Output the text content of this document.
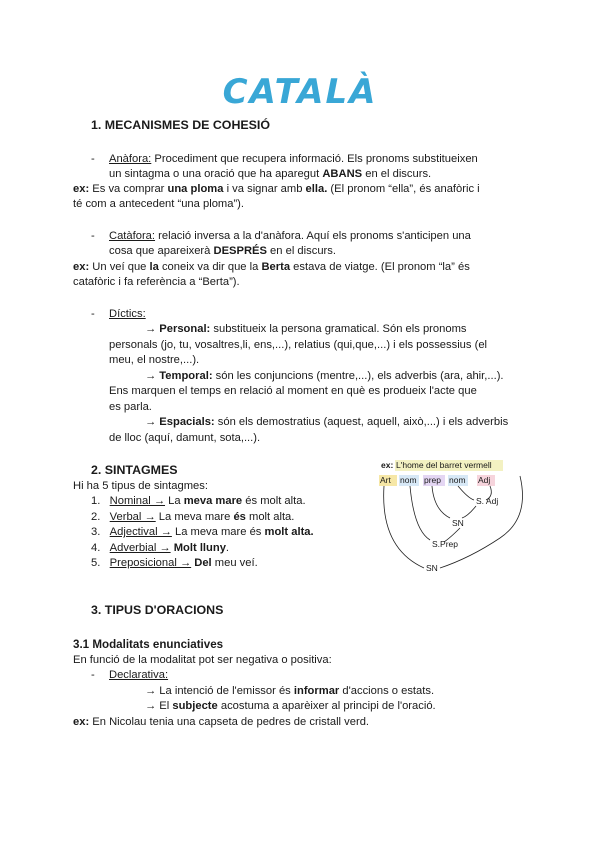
CATALÀ
1. MECANISMES DE COHESIÓ
- Anàfora: Procediment que recupera informació. Els pronoms substitueixen
un sintagma o una oració que ha aparegut ABANS en el discurs.
ex: Es va comprar una ploma i va signar amb ella. (El pronom “ella”, és anafòric i
té com a antecedent “una ploma”).
- Catàfora: relació inversa a la d'anàfora. Aquí els pronoms s'anticipen una
cosa que apareixerà DESPRÉS en el discurs.
ex: Un veí que la coneix va dir que la Berta estava de viatge. (El pronom “la” és
catafòric i fa referència a “Berta”).
- Díctics:
→ Personal: substitueix la persona gramatical. Són els pronoms
personals (jo, tu, vosaltres,li, ens,...), relatius (qui,que,...) i els possessius (el
meu, el nostre,...).
→ Temporal: són les conjuncions (mentre,...), els adverbis (ara, ahir,...).
Ens marquen el temps en relació al moment en què es produeix l'acte que
es parla.
→ Espacials: són els demostratius (aquest, aquell, això,...) i els adverbis
de lloc (aquí, damunt, sota,...).
2. SINTAGMES
Hi ha 5 tipus de sintagmes:
1. Nominal → La meva mare és molt alta.
2. Verbal → La meva mare és molt alta.
3. Adjectival → La meva mare és molt alta.
4. Adverbial → Molt lluny.
5. Preposicional → Del meu veí.
ex: L'home del barret vermell
Art nom prep nom Adj
S. Adj
SN
S.Prep
SN
3. TIPUS D'ORACIONS
3.1 Modalitats enunciatives
En funció de la modalitat pot ser negativa o positiva:
- Declarativa:
→ La intenció de l'emissor és informar d'accions o estats.
→ El subjecte acostuma a aparèixer al principi de l'oració.
ex: En Nicolau tenia una capseta de pedres de cristall verd.
